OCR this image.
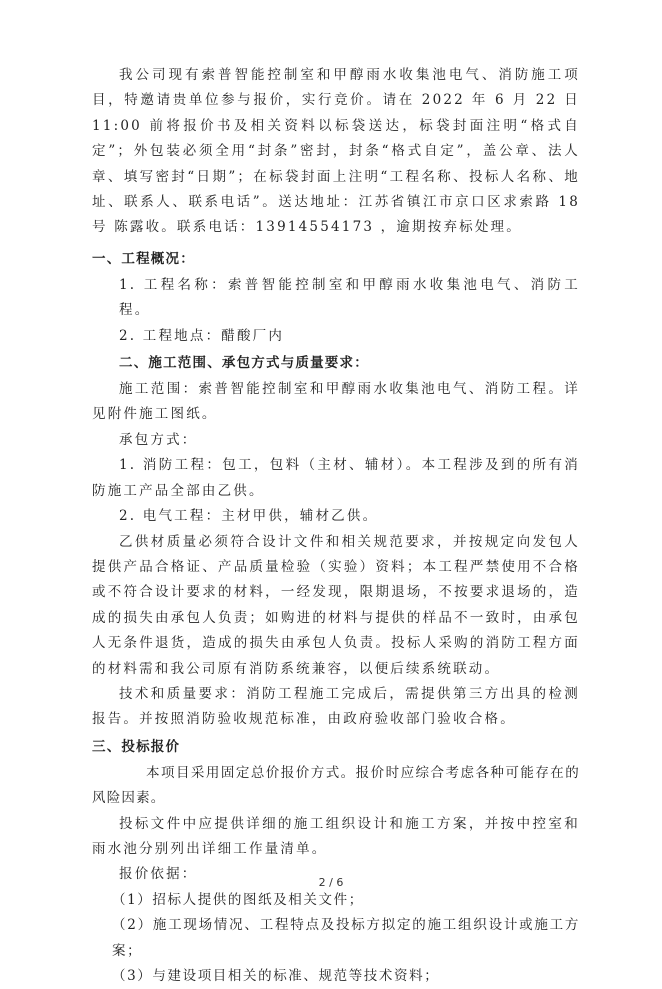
我公司现有索普智能控制室和甲醇雨水收集池电气、消防施工项目，特邀请贵单位参与报价，实行竞价。请在 2022 年 6 月 22 日 11:00 前将报价书及相关资料以标袋送达，标袋封面注明“格式自定”；外包装必须全用“封条”密封，封条“格式自定”，盖公章、法人章、填写密封“日期”；在标袋封面上注明“工程名称、投标人名称、地址、联系人、联系电话”。送达地址：江苏省镇江市京口区求索路 18 号 陈露收。联系电话：13914554173 ，逾期按弃标处理。
一、工程概况：
1. 工程名称：索普智能控制室和甲醇雨水收集池电气、消防工程。
2. 工程地点：醋酸厂内
二、施工范围、承包方式与质量要求：
施工范围：索普智能控制室和甲醇雨水收集池电气、消防工程。详见附件施工图纸。
承包方式：
1. 消防工程：包工，包料（主材、辅材）。本工程涉及到的所有消防施工产品全部由乙供。
2. 电气工程：主材甲供，辅材乙供。
乙供材质量必须符合设计文件和相关规范要求，并按规定向发包人提供产品合格证、产品质量检验（实验）资料；本工程严禁使用不合格或不符合设计要求的材料，一经发现，限期退场，不按要求退场的，造成的损失由承包人负责；如购进的材料与提供的样品不一致时，由承包人无条件退货，造成的损失由承包人负责。投标人采购的消防工程方面的材料需和我公司原有消防系统兼容，以便后续系统联动。
技术和质量要求：消防工程施工完成后，需提供第三方出具的检测报告。并按照消防验收规范标准，由政府验收部门验收合格。
三、投标报价
本项目采用固定总价报价方式。报价时应综合考虑各种可能存在的风险因素。
投标文件中应提供详细的施工组织设计和施工方案，并按中控室和雨水池分别列出详细工作量清单。
报价依据：
（1）招标人提供的图纸及相关文件；
（2）施工现场情况、工程特点及投标方拟定的施工组织设计或施工方案；
（3）与建设项目相关的标准、规范等技术资料；
2 / 6
